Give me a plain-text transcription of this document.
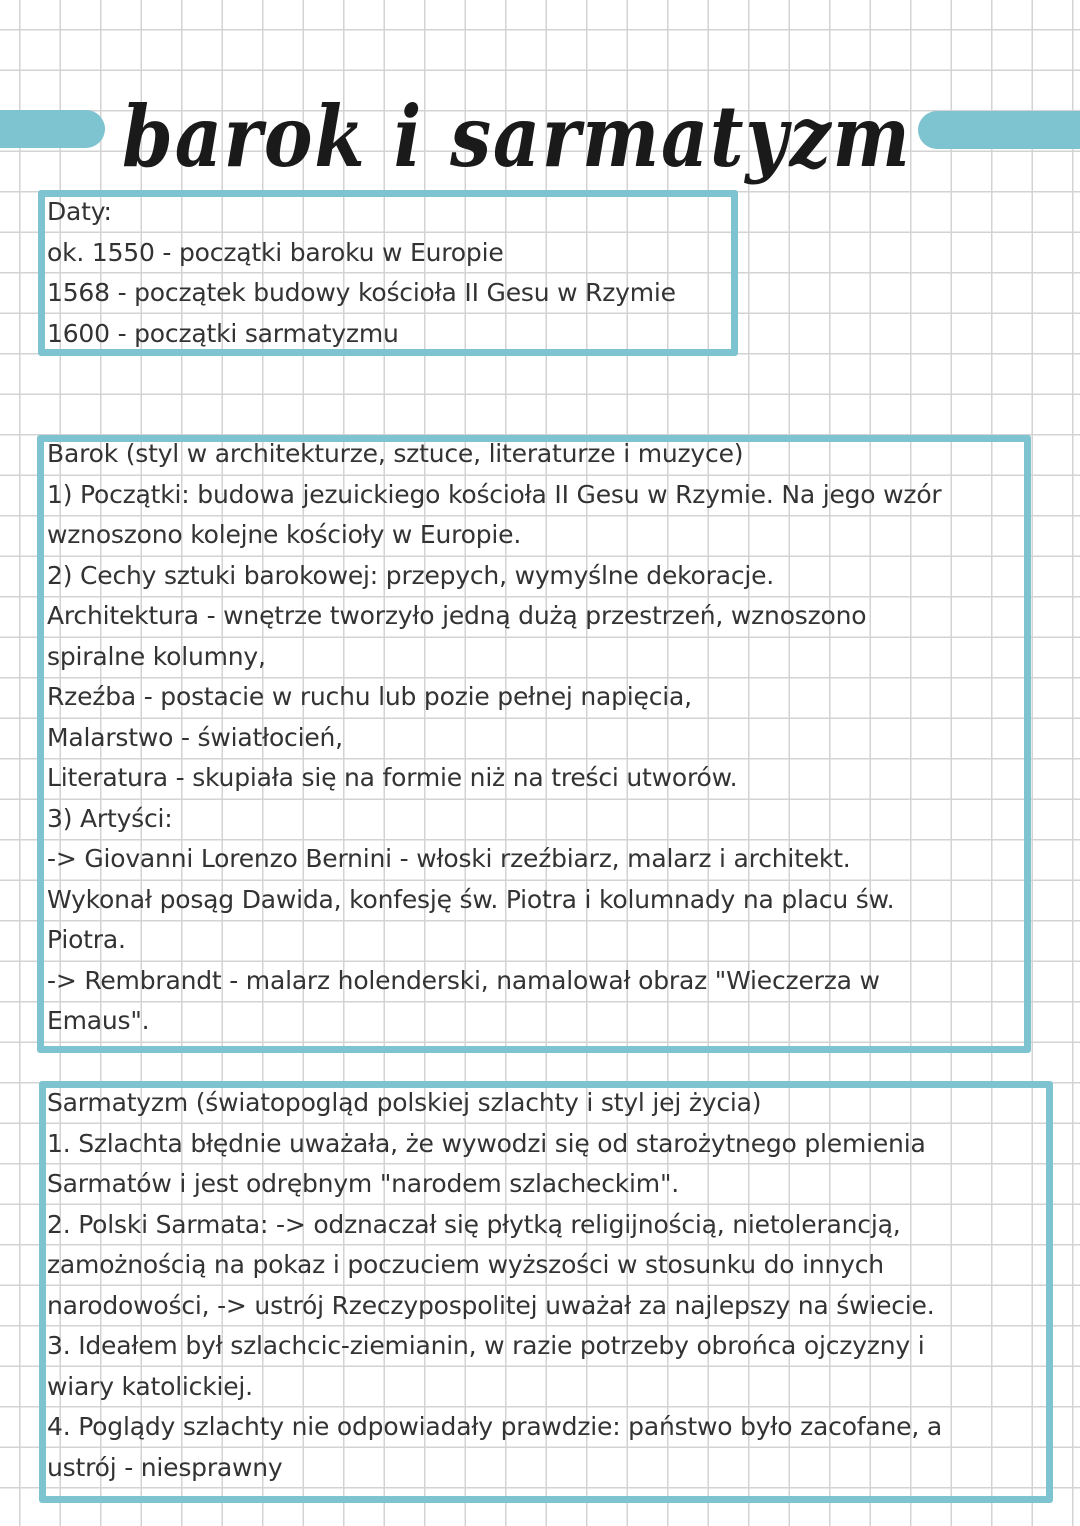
barok i sarmatyzm
Daty:
ok. 1550 - początki baroku w Europie
1568 - początek budowy kościoła II Gesu w Rzymie
1600 - początki sarmatyzmu
Barok (styl w architekturze, sztuce, literaturze i muzyce)
1) Początki: budowa jezuickiego kościoła II Gesu w Rzymie. Na jego wzór
wznoszono kolejne kościoły w Europie.
2) Cechy sztuki barokowej: przepych, wymyślne dekoracje.
Architektura - wnętrze tworzyło jedną dużą przestrzeń, wznoszono
spiralne kolumny,
Rzeźba - postacie w ruchu lub pozie pełnej napięcia,
Malarstwo - światłocień,
Literatura - skupiała się na formie niż na treści utworów.
3) Artyści:
-> Giovanni Lorenzo Bernini - włoski rzeźbiarz, malarz i architekt.
Wykonał posąg Dawida, konfesję św. Piotra i kolumnady na placu św.
Piotra.
-> Rembrandt - malarz holenderski, namalował obraz "Wieczerza w
Emaus".
Sarmatyzm (światopogląd polskiej szlachty i styl jej życia)
1. Szlachta błędnie uważała, że wywodzi się od starożytnego plemienia
Sarmatów i jest odrębnym "narodem szlacheckim".
2. Polski Sarmata: -> odznaczał się płytką religijnością, nietolerancją,
zamożnością na pokaz i poczuciem wyższości w stosunku do innych
narodowości, -> ustrój Rzeczypospolitej uważał za najlepszy na świecie.
3. Ideałem był szlachcic-ziemianin, w razie potrzeby obrońca ojczyzny i
wiary katolickiej.
4. Poglądy szlachty nie odpowiadały prawdzie: państwo było zacofane, a
ustrój - niesprawny
